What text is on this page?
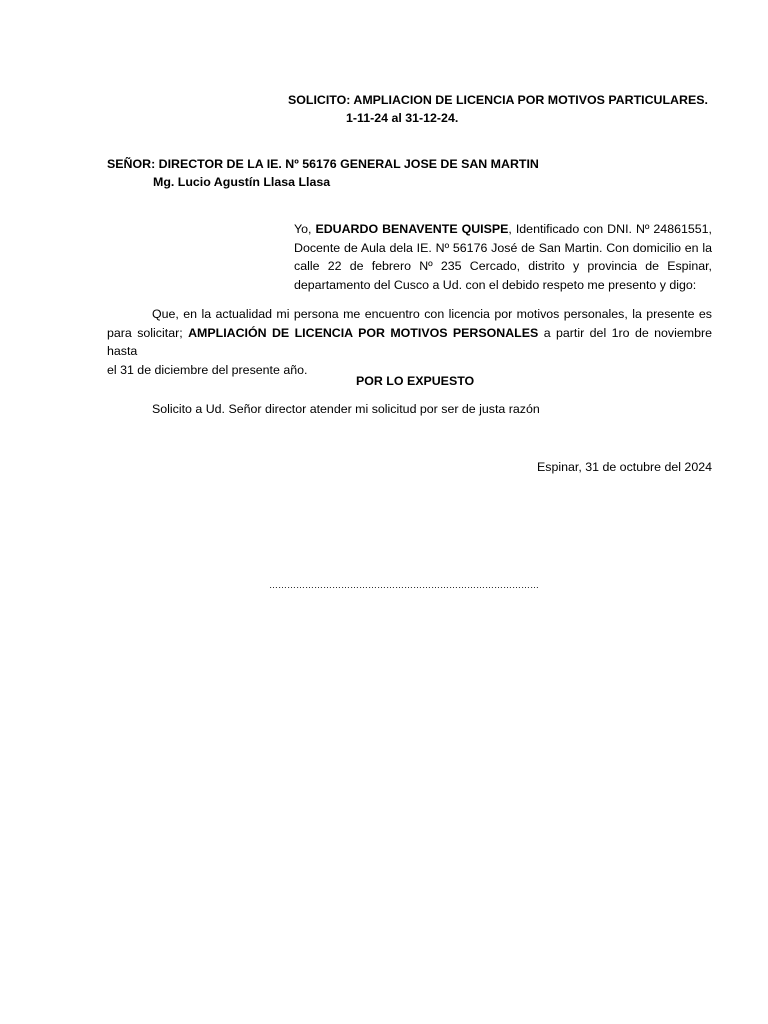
SOLICITO: AMPLIACION DE LICENCIA POR MOTIVOS PARTICULARES.
1-11-24 al 31-12-24.
SEÑOR: DIRECTOR DE LA IE. Nº 56176 GENERAL JOSE DE SAN MARTIN
Mg. Lucio Agustín Llasa Llasa
Yo, EDUARDO BENAVENTE QUISPE, Identificado con DNI. Nº 24861551,
Docente de Aula dela IE. Nº 56176 José de San Martin. Con domicilio en la
calle 22 de febrero Nº 235 Cercado, distrito y provincia de Espinar,
departamento del Cusco a Ud. con el debido respeto me presento y digo:
Que, en la actualidad mi persona me encuentro con licencia por motivos personales, la presente es
para solicitar; AMPLIACIÓN DE LICENCIA POR MOTIVOS PERSONALES a partir del 1ro de noviembre hasta
el 31 de diciembre del presente año.
POR LO EXPUESTO
Solicito a Ud. Señor director atender mi solicitud por ser de justa razón
Espinar, 31 de octubre del 2024
………………………………………………………………………………
